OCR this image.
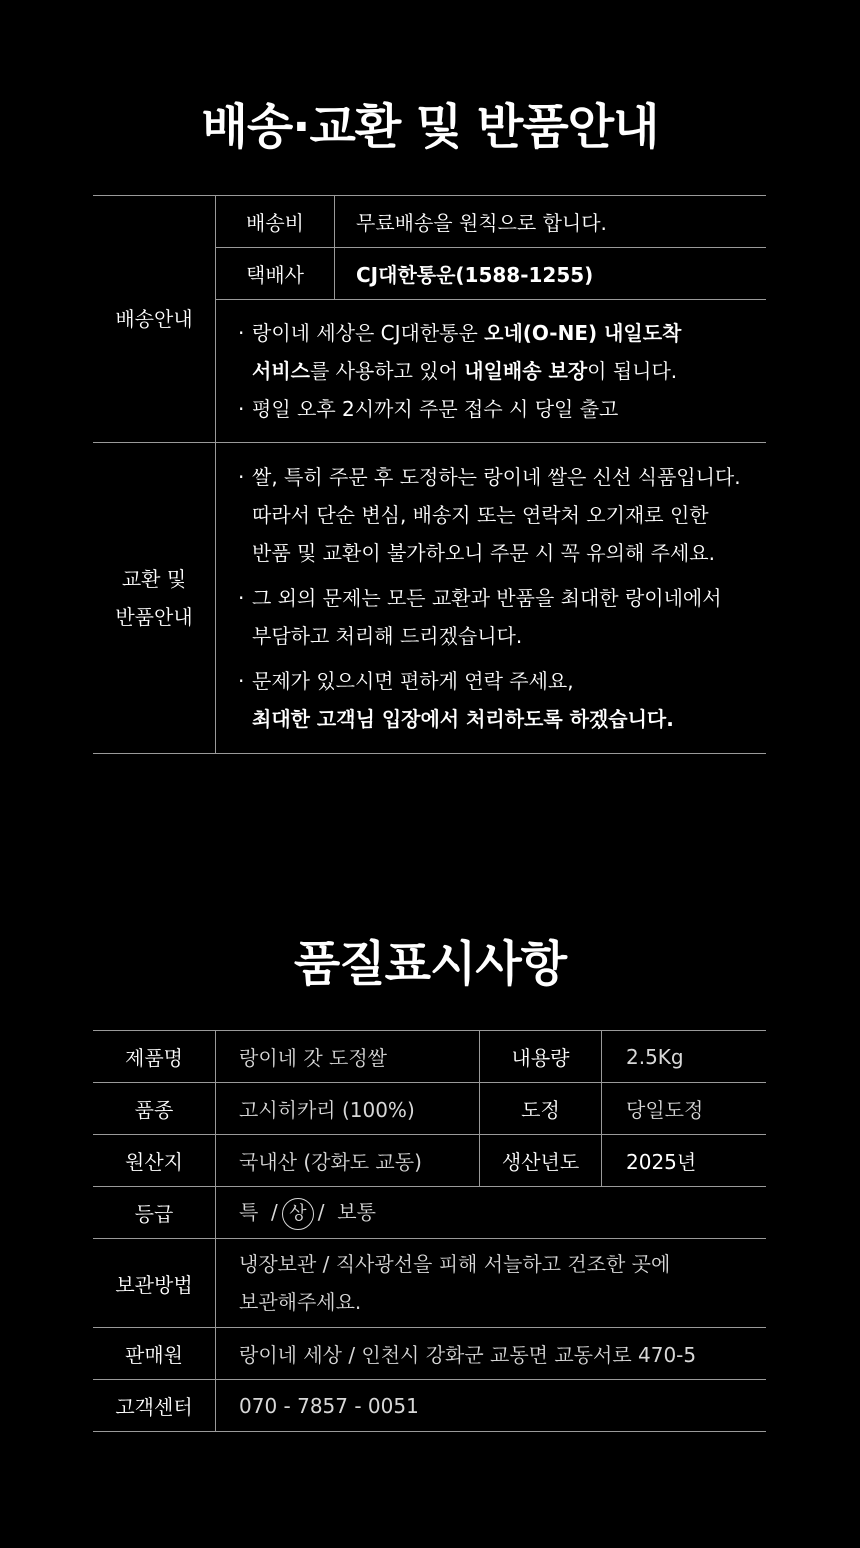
배송·교환 및 반품안내
배송안내
배송비	무료배송을 원칙으로 합니다.
택배사	CJ대한통운(1588-1255)
· 랑이네 세상은 CJ대한통운 오네(O-NE) 내일도착
서비스를 사용하고 있어 내일배송 보장이 됩니다.
· 평일 오후 2시까지 주문 접수 시 당일 출고
교환 및
반품안내
· 쌀, 특히 주문 후 도정하는 랑이네 쌀은 신선 식품입니다.
따라서 단순 변심, 배송지 또는 연락처 오기재로 인한
반품 및 교환이 불가하오니 주문 시 꼭 유의해 주세요.
· 그 외의 문제는 모든 교환과 반품을 최대한 랑이네에서
부담하고 처리해 드리겠습니다.
· 문제가 있으시면 편하게 연락 주세요,
최대한 고객님 입장에서 처리하도록 하겠습니다.
품질표시사항
제품명	랑이네 갓 도정쌀	내용량	2.5Kg
품종	고시히카리 (100%)	도정	당일도정
원산지	국내산 (강화도 교동)	생산년도	2025년
등급	특 / 상 / 보통		
보관방법	냉장보관 / 직사광선을 피해 서늘하고 건조한 곳에
보관해주세요.		

판매원	랑이네 세상 / 인천시 강화군 교동면 교동서로 470-5		
고객센터	070 - 7857 - 0051		
